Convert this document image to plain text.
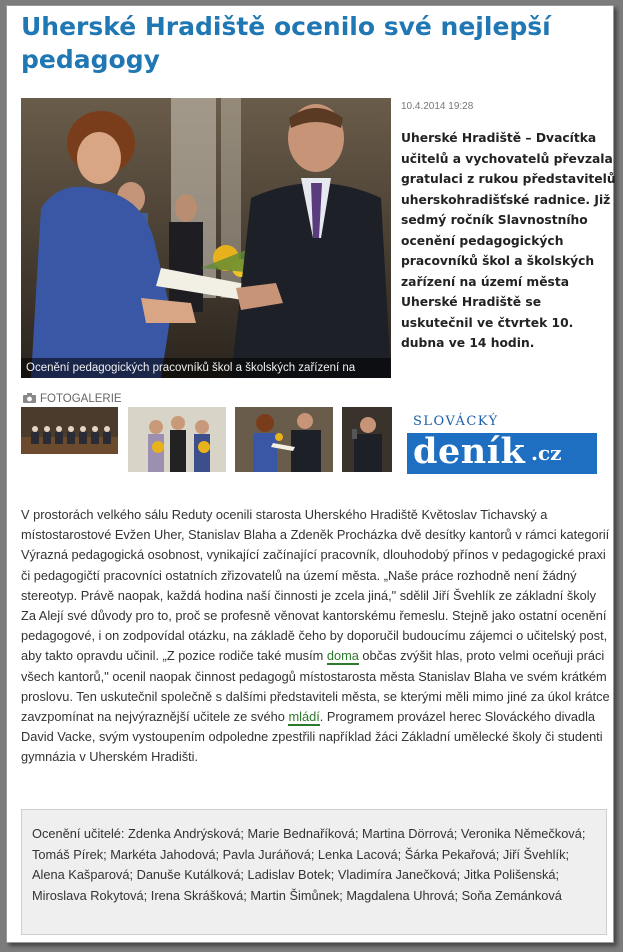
Uherské Hradiště ocenilo své nejlepší pedagogy
Ocenění pedagogických pracovníků škol a školských zařízení na
10.4.2014 19:28

Uherské Hradiště – Dvacítka učitelů a vychovatelů převzala gratulaci z rukou představitelů uherskohradišťské radnice. Již sedmý ročník Slavnostního ocenění pedagogických pracovníků škol a školských zařízení na území města Uherské Hradiště se uskutečnil ve čtvrtek 10. dubna ve 14 hodin.

FOTOGALERIE
SLOVÁCKÝ
deník .cz

V prostorách velkého sálu Reduty ocenili starosta Uherského Hradiště Květoslav Tichavský a místostarostové Evžen Uher, Stanislav Blaha a Zdeněk Procházka dvě desítky kantorů v rámci kategorií Výrazná pedagogická osobnost, vynikající začínající pracovník, dlouhodobý přínos v pedagogické praxi či pedagogičtí pracovníci ostatních zřizovatelů na území města. „Naše práce rozhodně není žádný stereotyp. Právě naopak, každá hodina naší činnosti je zcela jiná," sdělil Jiří Švehlík ze základní školy Za Alejí své důvody pro to, proč se profesně věnovat kantorskému řemeslu. Stejně jako ostatní ocenění pedagogové, i on zodpovídal otázku, na základě čeho by doporučil budoucímu zájemci o učitelský post, aby takto opravdu učinil. „Z pozice rodiče také musím doma občas zvýšit hlas, proto velmi oceňuji práci všech kantorů," ocenil naopak činnost pedagogů místostarosta města Stanislav Blaha ve svém krátkém proslovu. Ten uskutečnil společně s dalšími představiteli města, se kterými měli mimo jiné za úkol krátce zavzpomínat na nejvýraznější učitele ze svého mládí. Programem provázel herec Slováckého divadla David Vacke, svým vystoupením odpoledne zpestřili například žáci Základní umělecké školy či studenti gymnázia v Uherském Hradišti.

Ocenění učitelé: Zdenka Andrýsková; Marie Bednaříková; Martina Dörrová; Veronika Němečková; Tomáš Pírek; Markéta Jahodová; Pavla Juráňová; Lenka Lacová; Šárka Pekařová; Jiří Švehlík; Alena Kašparová; Danuše Kutálková; Ladislav Botek; Vladimíra Janečková; Jitka Polišenská; Miroslava Rokytová; Irena Skrášková; Martin Šimůnek; Magdalena Uhrová; Soňa Zemánková
